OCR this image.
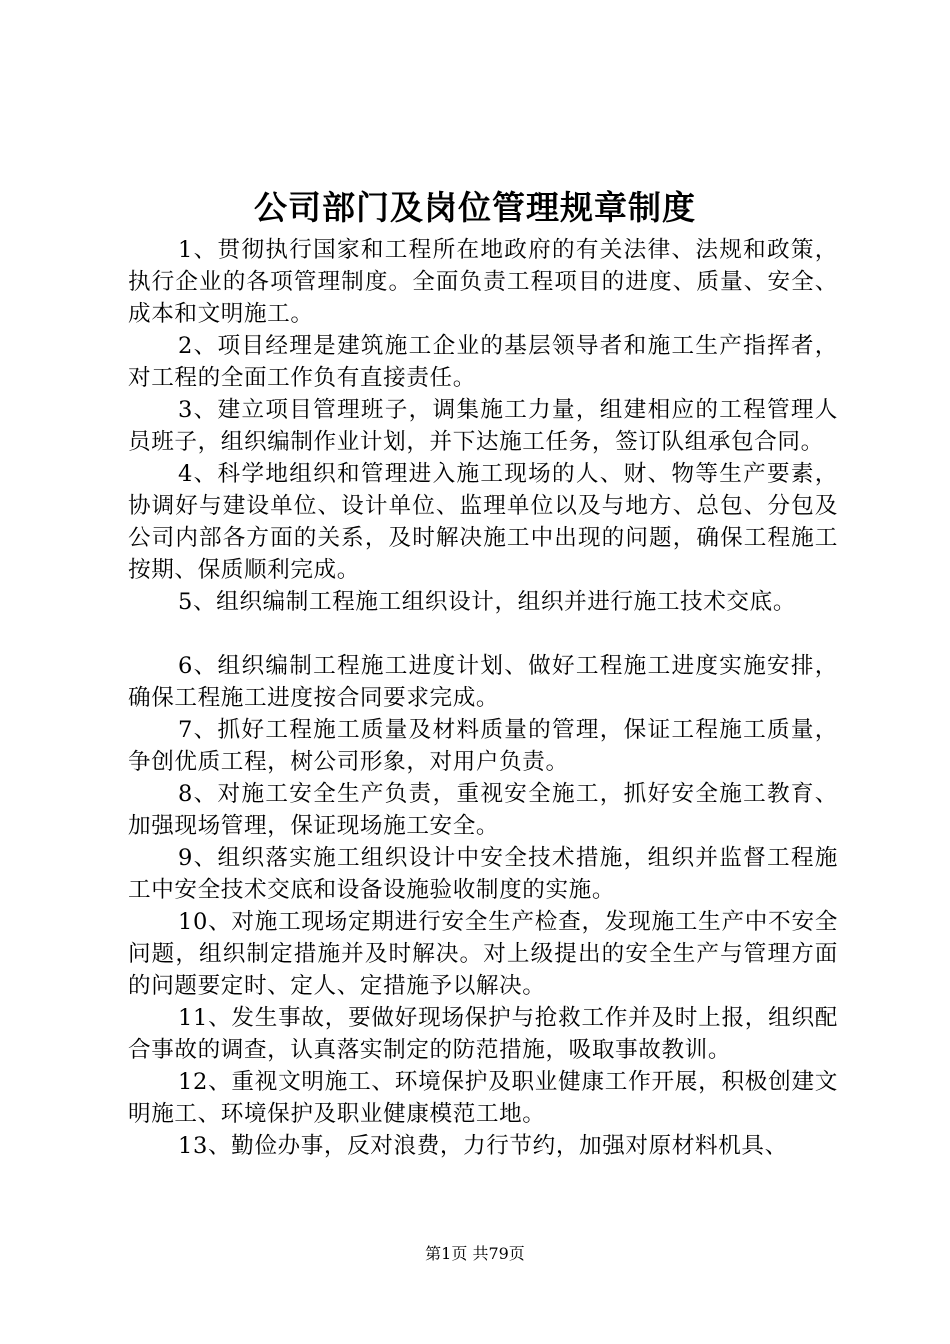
公司部门及岗位管理规章制度

1、贯彻执行国家和工程所在地政府的有关法律、法规和政策，执行企业的各项管理制度。全面负责工程项目的进度、质量、安全、成本和文明施工。

2、项目经理是建筑施工企业的基层领导者和施工生产指挥者，对工程的全面工作负有直接责任。

3、建立项目管理班子，调集施工力量，组建相应的工程管理人员班子，组织编制作业计划，并下达施工任务，签订队组承包合同。

4、科学地组织和管理进入施工现场的人、财、物等生产要素，协调好与建设单位、设计单位、监理单位以及与地方、总包、分包及公司内部各方面的关系，及时解决施工中出现的问题，确保工程施工按期、保质顺利完成。

5、组织编制工程施工组织设计，组织并进行施工技术交底。

6、组织编制工程施工进度计划、做好工程施工进度实施安排，确保工程施工进度按合同要求完成。

7、抓好工程施工质量及材料质量的管理，保证工程施工质量，争创优质工程，树公司形象，对用户负责。

8、对施工安全生产负责，重视安全施工，抓好安全施工教育、加强现场管理，保证现场施工安全。

9、组织落实施工组织设计中安全技术措施，组织并监督工程施工中安全技术交底和设备设施验收制度的实施。

10、对施工现场定期进行安全生产检查，发现施工生产中不安全问题，组织制定措施并及时解决。对上级提出的安全生产与管理方面的问题要定时、定人、定措施予以解决。

11、发生事故，要做好现场保护与抢救工作并及时上报，组织配合事故的调查，认真落实制定的防范措施，吸取事故教训。

12、重视文明施工、环境保护及职业健康工作开展，积极创建文明施工、环境保护及职业健康模范工地。

13、勤俭办事，反对浪费，力行节约，加强对原材料机具、

第1页 共79页
